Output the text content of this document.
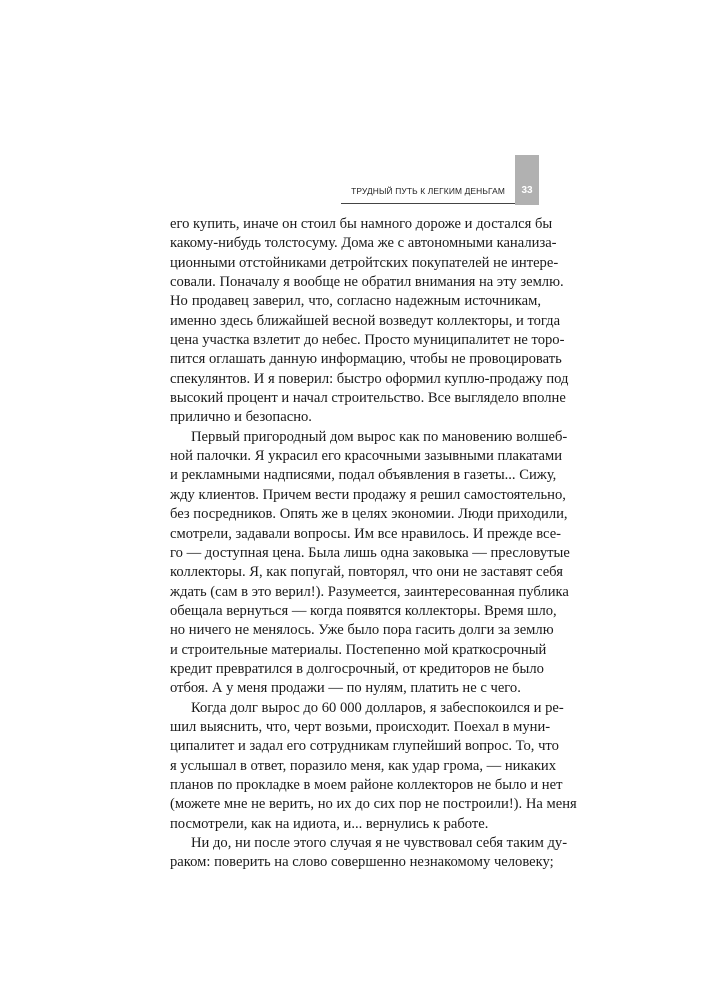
ТРУДНЫЙ ПУТЬ К ЛЕГКИМ ДЕНЬГАМ	33

его купить, иначе он стоил бы намного дороже и достался бы
какому-нибудь толстосуму. Дома же с автономными канализа-
ционными отстойниками детройтских покупателей не интере-
совали. Поначалу я вообще не обратил внимания на эту землю.
Но продавец заверил, что, согласно надежным источникам,
именно здесь ближайшей весной возведут коллекторы, и тогда
цена участка взлетит до небес. Просто муниципалитет не торо-
пится оглашать данную информацию, чтобы не провоцировать
спекулянтов. И я поверил: быстро оформил куплю-продажу под
высокий процент и начал строительство. Все выглядело вполне
прилично и безопасно.

Первый пригородный дом вырос как по мановению волшеб-
ной палочки. Я украсил его красочными зазывными плакатами
и рекламными надписями, подал объявления в газеты... Сижу,
жду клиентов. Причем вести продажу я решил самостоятельно,
без посредников. Опять же в целях экономии. Люди приходили,
смотрели, задавали вопросы. Им все нравилось. И прежде все-
го — доступная цена. Была лишь одна заковыка — пресловутые
коллекторы. Я, как попугай, повторял, что они не заставят себя
ждать (сам в это верил!). Разумеется, заинтересованная публика
обещала вернуться — когда появятся коллекторы. Время шло,
но ничего не менялось. Уже было пора гасить долги за землю
и строительные материалы. Постепенно мой краткосрочный
кредит превратился в долгосрочный, от кредиторов не было
отбоя. А у меня продажи — по нулям, платить не с чего.

Когда долг вырос до 60 000 долларов, я забеспокоился и ре-
шил выяснить, что, черт возьми, происходит. Поехал в муни-
ципалитет и задал его сотрудникам глупейший вопрос. То, что
я услышал в ответ, поразило меня, как удар грома, — никаких
планов по прокладке в моем районе коллекторов не было и нет
(можете мне не верить, но их до сих пор не построили!). На меня
посмотрели, как на идиота, и... вернулись к работе.

Ни до, ни после этого случая я не чувствовал себя таким ду-
раком: поверить на слово совершенно незнакомому человеку;
